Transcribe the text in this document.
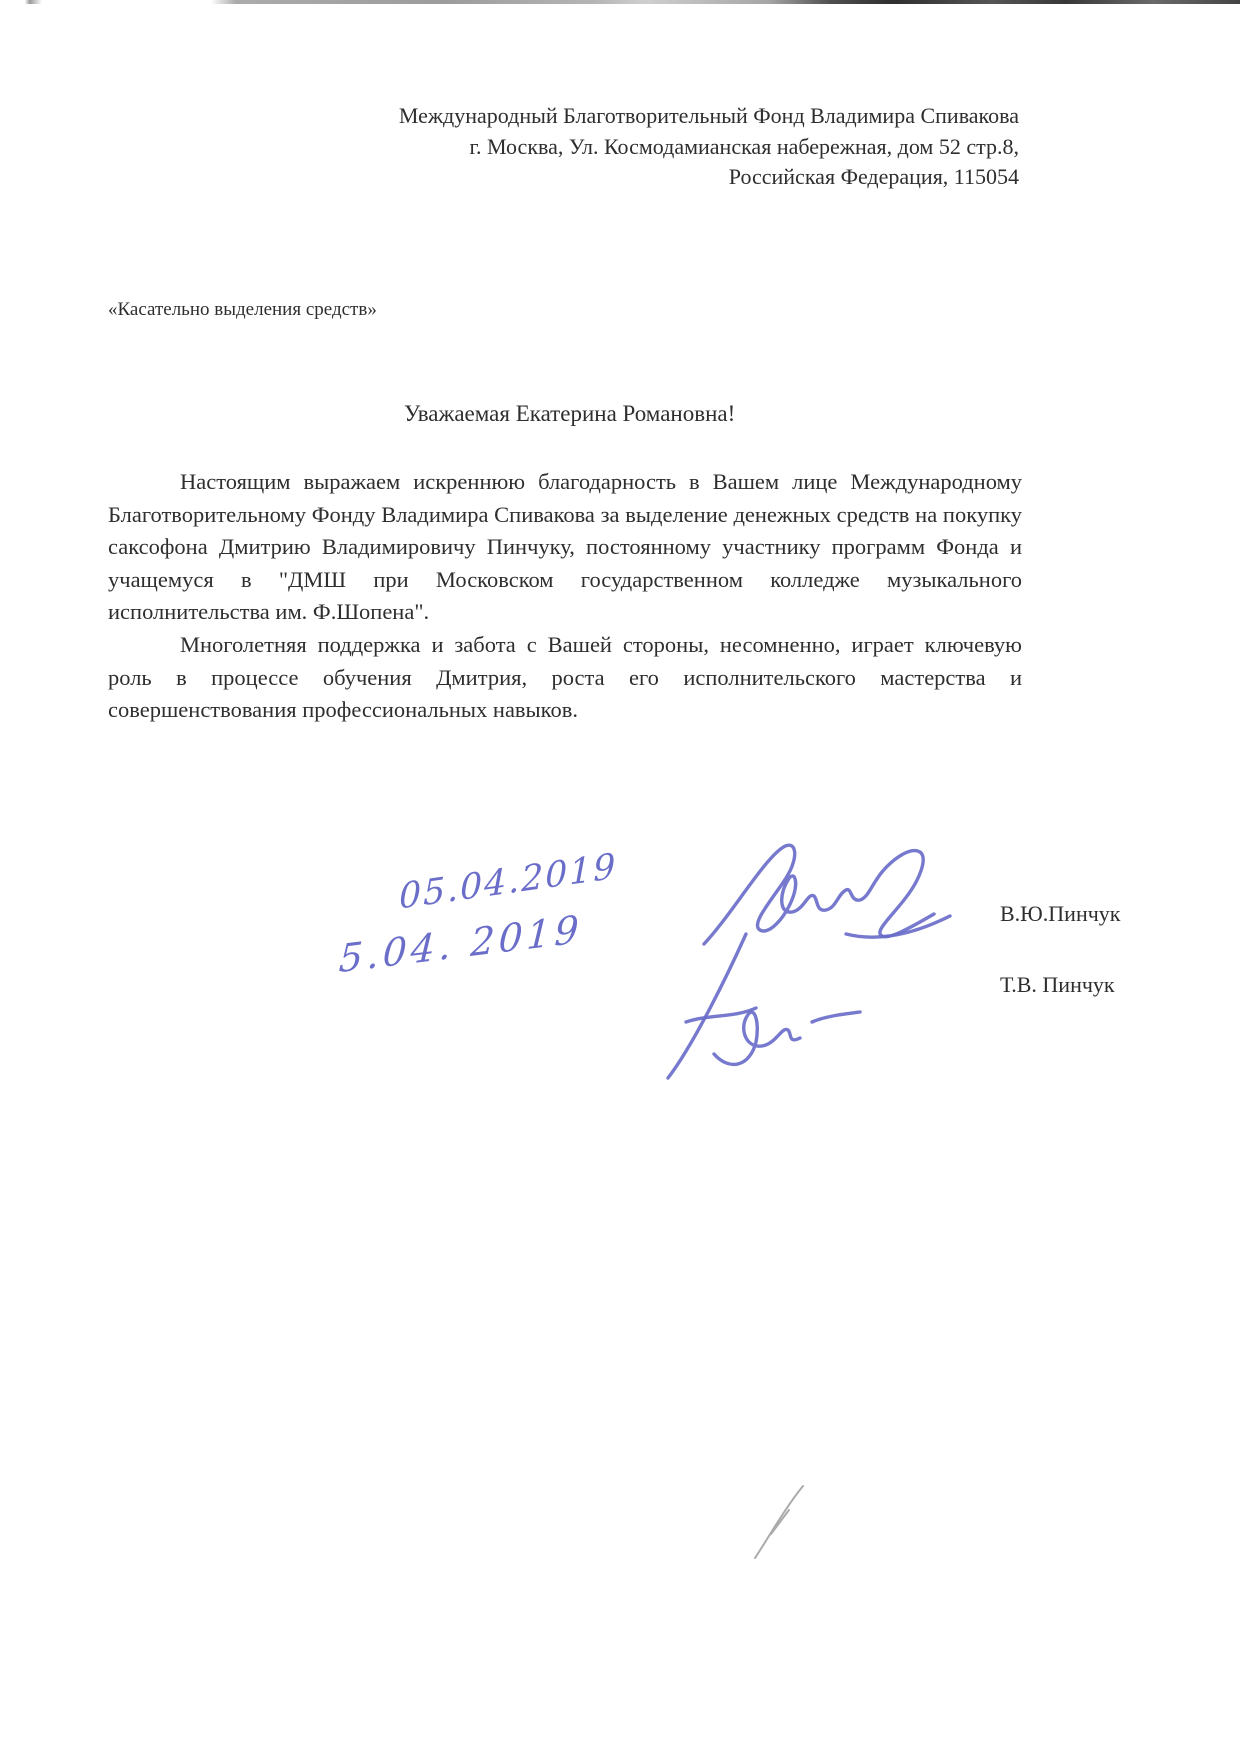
Международный Благотворительный Фонд Владимира Спивакова
г. Москва, Ул. Космодамианская набережная, дом 52 стр.8,
Российская Федерация, 115054
«Касательно выделения средств»
Уважаемая Екатерина Романовна!

Настоящим выражаем искреннюю благодарность в Вашем лице Международному Благотворительному Фонду Владимира Спивакова за выделение денежных средств на покупку саксофона Дмитрию Владимировичу Пинчуку, постоянному участнику программ Фонда и учащемуся в "ДМШ при Московском государственном колледже музыкального исполнительства им. Ф.Шопена".

Многолетняя поддержка и забота с Вашей стороны, несомненно, играет ключевую роль в процессе обучения Дмитрия, роста его исполнительского мастерства и совершенствования профессиональных навыков.

05.04.2019
5.04. 2019	В.Ю.Пинчук
Т.В. Пинчук
